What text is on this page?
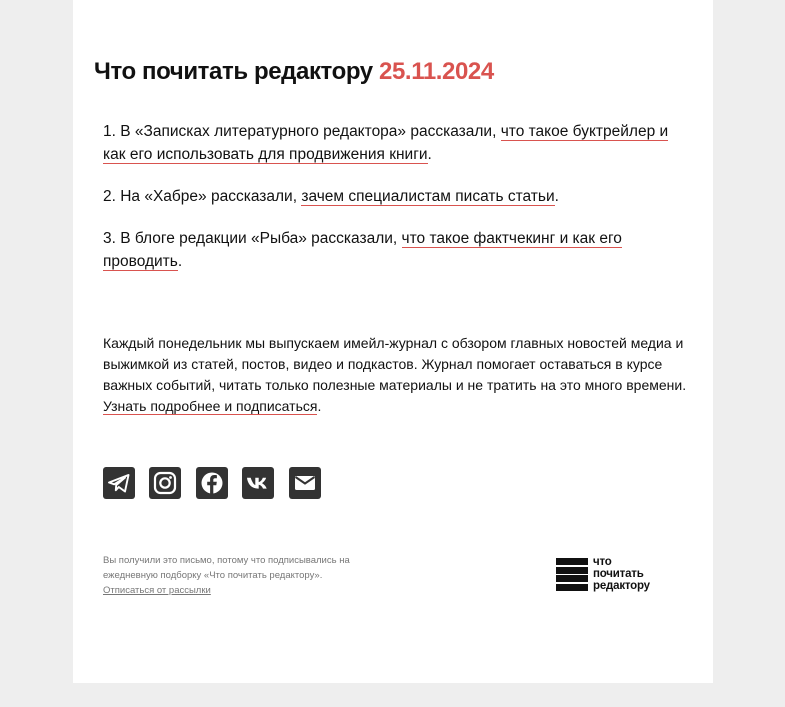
Что почитать редактору 25.11.2024

1. В «Записках литературного редактора» рассказали, что такое буктрейлер и как его использовать для продвижения книги.

2. На «Хабре» рассказали, зачем специалистам писать статьи.

3. В блоге редакции «Рыба» рассказали, что такое фактчекинг и как его проводить.

Каждый понедельник мы выпускаем имейл-журнал с обзором главных новостей медиа и выжимкой из статей, постов, видео и подкастов. Журнал помогает оставаться в курсе важных событий, читать только полезные материалы и не тратить на это много времени. Узнать подробнее и подписаться.

Вы получили это письмо, потому что подписывались на ежедневную подборку «Что почитать редактору».
Отписаться от рассылки

что
почитать
редактору
